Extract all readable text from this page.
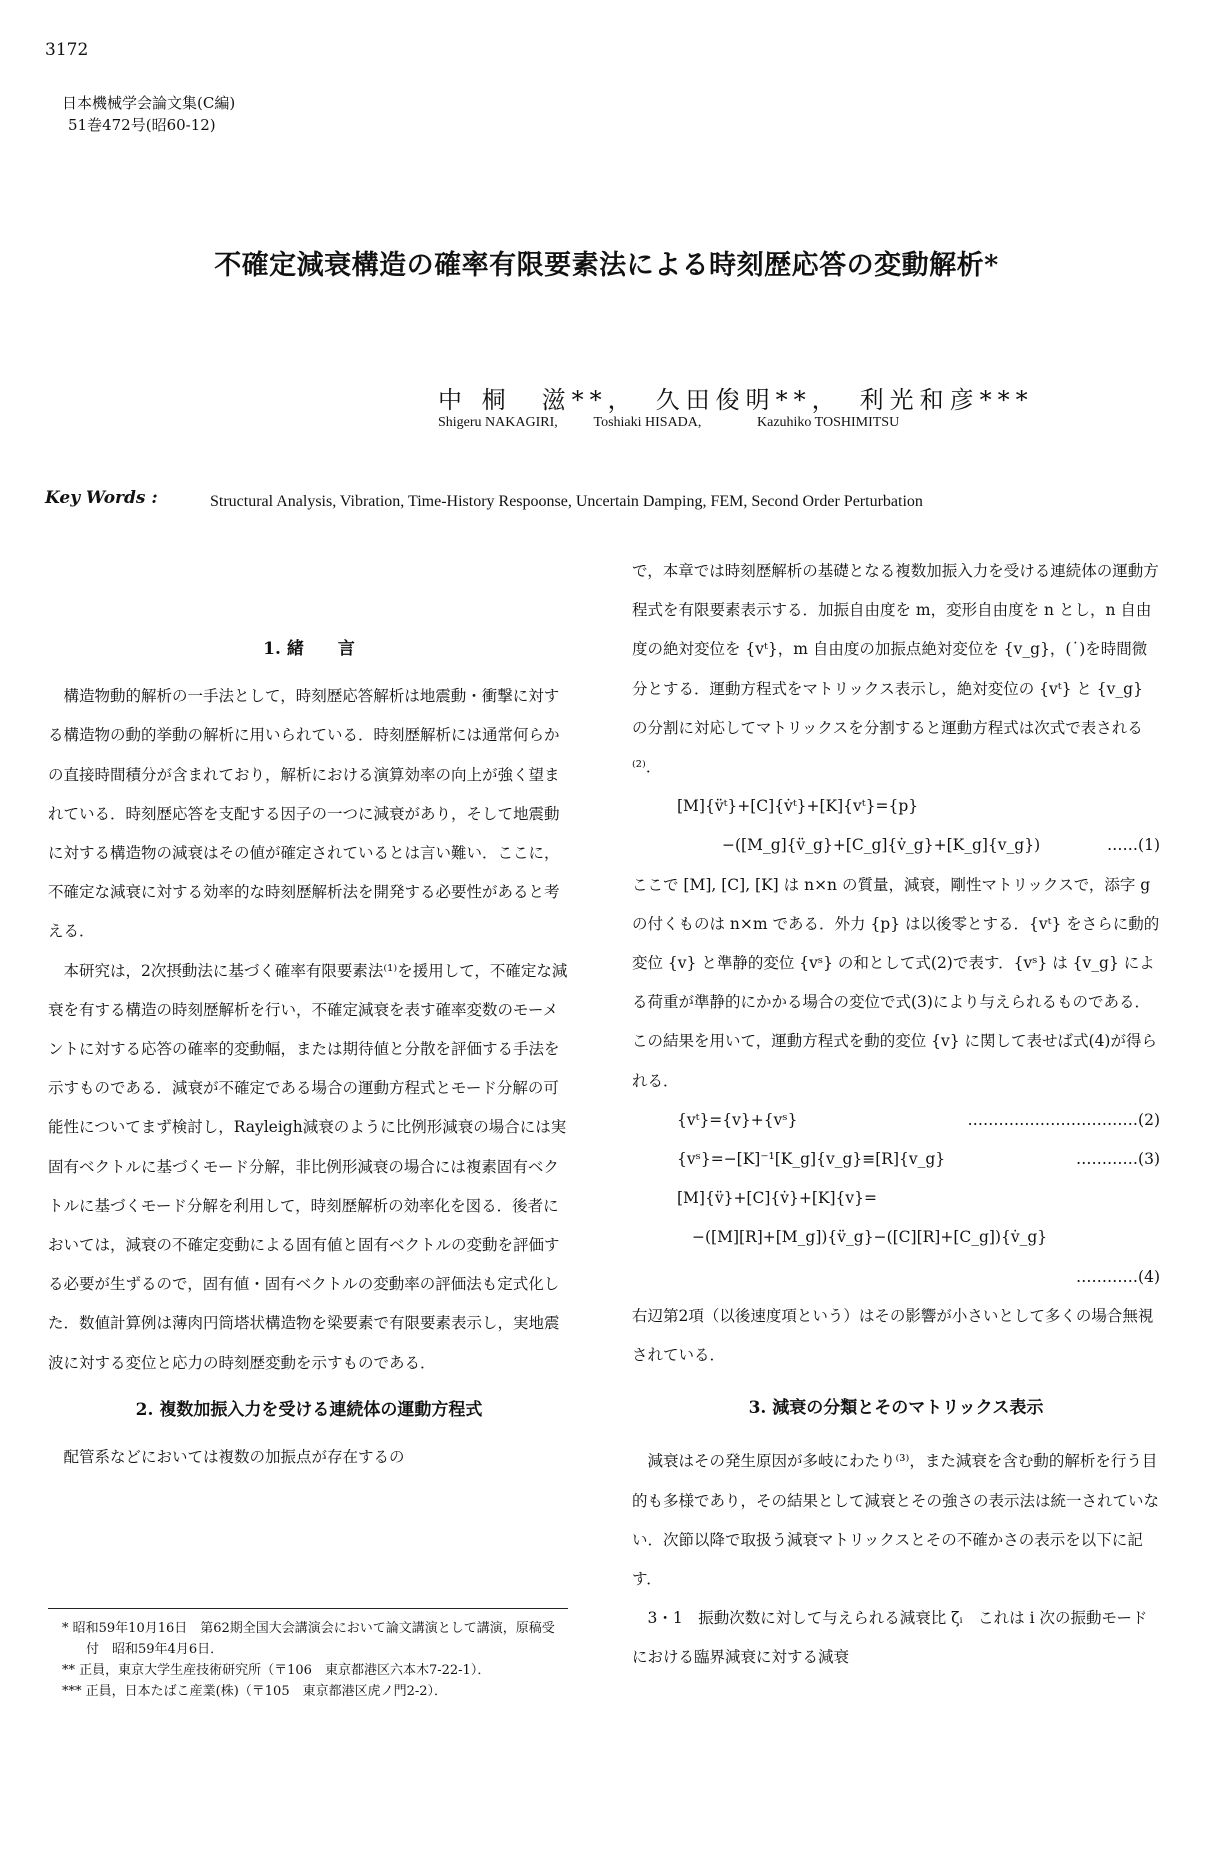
3172
日本機械学会論文集(C編)
51巻472号(昭60-12)
不確定減衰構造の確率有限要素法による時刻歴応答の変動解析*
中 桐　滋**，　久田俊明**，　利光和彦***
Shigeru NAKAGIRI,	Toshiaki HISADA,	Kazuhiko TOSHIMITSU
Key Words :	Structural Analysis, Vibration, Time-History Respoonse, Uncertain Damping, FEM, Second Order Perturbation

1. 緒　　言

構造物動的解析の一手法として，時刻歴応答解析は地震動・衝撃に対する構造物の動的挙動の解析に用いられている．時刻歴解析には通常何らかの直接時間積分が含まれており，解析における演算効率の向上が強く望まれている．時刻歴応答を支配する因子の一つに減衰があり，そして地震動に対する構造物の減衰はその値が確定されているとは言い難い．ここに，不確定な減衰に対する効率的な時刻歴解析法を開発する必要性があると考える．

本研究は，2次摂動法に基づく確率有限要素法⁽¹⁾を援用して，不確定な減衰を有する構造の時刻歴解析を行い，不確定減衰を表す確率変数のモーメントに対する応答の確率的変動幅，または期待値と分散を評価する手法を示すものである．減衰が不確定である場合の運動方程式とモード分解の可能性についてまず検討し，Rayleigh減衰のように比例形減衰の場合には実固有ベクトルに基づくモード分解，非比例形減衰の場合には複素固有ベクトルに基づくモード分解を利用して，時刻歴解析の効率化を図る．後者においては，減衰の不確定変動による固有値と固有ベクトルの変動を評価する必要が生ずるので，固有値・固有ベクトルの変動率の評価法も定式化した．数値計算例は薄肉円筒塔状構造物を梁要素で有限要素表示し，実地震波に対する変位と応力の時刻歴変動を示すものである．

2. 複数加振入力を受ける連続体の運動方程式

配管系などにおいては複数の加振点が存在するの

* 昭和59年10月16日　第62期全国大会講演会において論文講演として講演，原稿受付　昭和59年4月6日．
** 正員，東京大学生産技術研究所（〒106　東京都港区六本木7-22-1）．
*** 正員，日本たばこ産業(株)（〒105　東京都港区虎ノ門2-2）．

で，本章では時刻歴解析の基礎となる複数加振入力を受ける連続体の運動方程式を有限要素表示する．加振自由度を m，変形自由度を n とし，n 自由度の絶対変位を {vᵗ}，m 自由度の加振点絶対変位を {v_g}，(˙)を時間微分とする．運動方程式をマトリックス表示し，絶対変位の {vᵗ} と {v_g} の分割に対応してマトリックスを分割すると運動方程式は次式で表される⁽²⁾．

[M]{v̈ᵗ}+[C]{v̇ᵗ}+[K]{vᵗ}={p}

−([M_g]{v̈_g}+[C_g]{v̇_g}+[K_g]{v_g})	……(1)

ここで [M], [C], [K] は n×n の質量，減衰，剛性マトリックスで，添字 g の付くものは n×m である．外力 {p} は以後零とする．{vᵗ} をさらに動的変位 {v} と準静的変位 {vˢ} の和として式(2)で表す．{vˢ} は {v_g} による荷重が準静的にかかる場合の変位で式(3)により与えられるものである．この結果を用いて，運動方程式を動的変位 {v} に関して表せば式(4)が得られる．

{vᵗ}={v}+{vˢ}	……………………………(2)

{vˢ}=−[K]⁻¹[K_g]{v_g}≡[R]{v_g}	…………(3)

[M]{v̈}+[C]{v̇}+[K]{v}=

−([M][R]+[M_g]){v̈_g}−([C][R]+[C_g]){v̇_g}

…………(4)

右辺第2項（以後速度項という）はその影響が小さいとして多くの場合無視されている．

3. 減衰の分類とそのマトリックス表示

減衰はその発生原因が多岐にわたり⁽³⁾，また減衰を含む動的解析を行う目的も多様であり，その結果として減衰とその強さの表示法は統一されていない．次節以降で取扱う減衰マトリックスとその不確かさの表示を以下に記す．

3・1　振動次数に対して与えられる減衰比 ζᵢ　これは i 次の振動モードにおける臨界減衰に対する減衰
